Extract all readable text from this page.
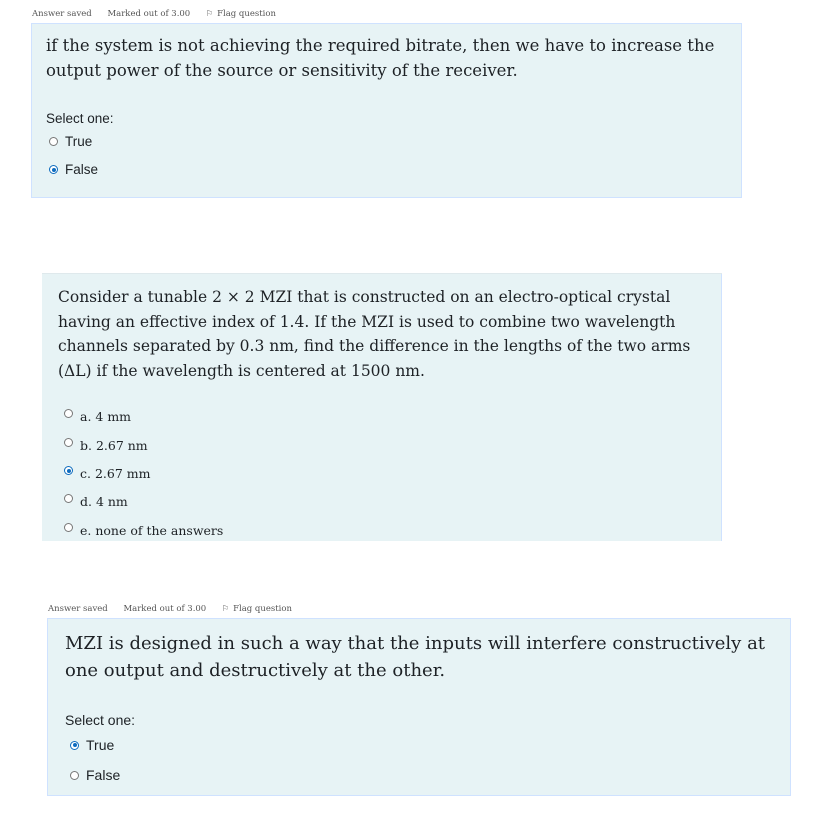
Answer saved Marked out of 3.00 ⚐ Flag question
if the system is not achieving the required bitrate, then we have to increase the output power of the source or sensitivity of the receiver.
Select one:
True
False
Consider a tunable 2 × 2 MZI that is constructed on an electro-optical crystal having an effective index of 1.4. If the MZI is used to combine two wavelength channels separated by 0.3 nm, find the difference in the lengths of the two arms (ΔL) if the wavelength is centered at 1500 nm.
a. 4 mm
b. 2.67 nm
c. 2.67 mm
d. 4 nm
e. none of the answers
Answer saved Marked out of 3.00 ⚐ Flag question
MZI is designed in such a way that the inputs will interfere constructively at one output and destructively at the other.
Select one:
True
False
